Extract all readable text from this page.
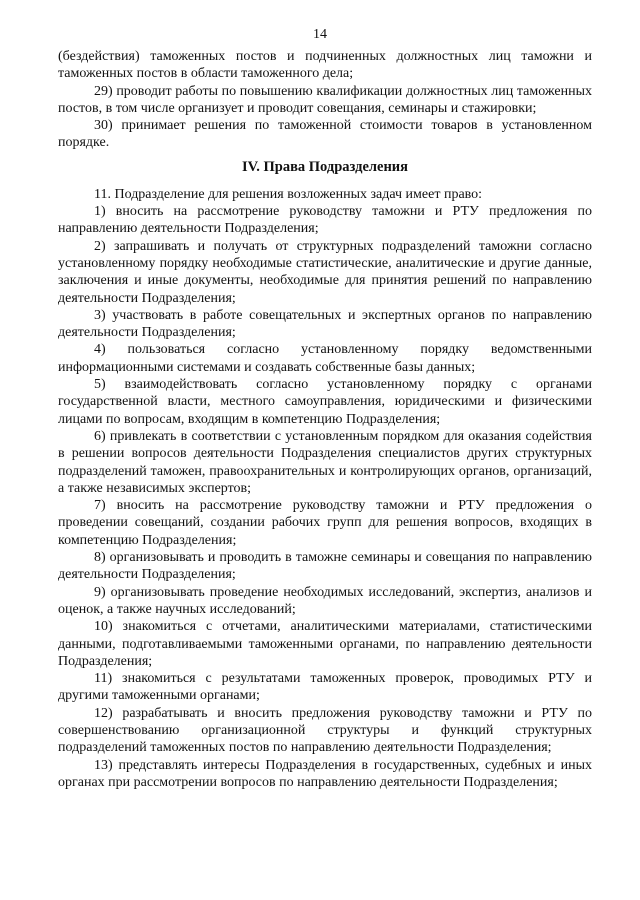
14

(бездействия) таможенных постов и подчиненных должностных лиц таможни и таможенных постов в области таможенного дела;

29) проводит работы по повышению квалификации должностных лиц таможенных постов, в том числе организует и проводит совещания, семинары и стажировки;

30) принимает решения по таможенной стоимости товаров в установленном порядке.

IV. Права Подразделения

11. Подразделение для решения возложенных задач имеет право:

1) вносить на рассмотрение руководству таможни и РТУ предложения по направлению деятельности Подразделения;

2) запрашивать и получать от структурных подразделений таможни согласно установленному порядку необходимые статистические, аналитические и другие данные, заключения и иные документы, необходимые для принятия решений по направлению деятельности Подразделения;

3) участвовать в работе совещательных и экспертных органов по направлению деятельности Подразделения;

4) пользоваться согласно установленному порядку ведомственными информационными системами и создавать собственные базы данных;

5) взаимодействовать согласно установленному порядку с органами государственной власти, местного самоуправления, юридическими и физическими лицами по вопросам, входящим в компетенцию Подразделения;

6) привлекать в соответствии с установленным порядком для оказания содействия в решении вопросов деятельности Подразделения специалистов других структурных подразделений таможен, правоохранительных и контролирующих органов, организаций, а также независимых экспертов;

7) вносить на рассмотрение руководству таможни и РТУ предложения о проведении совещаний, создании рабочих групп для решения вопросов, входящих в компетенцию Подразделения;

8) организовывать и проводить в таможне семинары и совещания по направлению деятельности Подразделения;

9) организовывать проведение необходимых исследований, экспертиз, анализов и оценок, а также научных исследований;

10) знакомиться с отчетами, аналитическими материалами, статистическими данными, подготавливаемыми таможенными органами, по направлению деятельности Подразделения;

11) знакомиться с результатами таможенных проверок, проводимых РТУ и другими таможенными органами;

12) разрабатывать и вносить предложения руководству таможни и РТУ по совершенствованию организационной структуры и функций структурных подразделений таможенных постов по направлению деятельности Подразделения;

13) представлять интересы Подразделения в государственных, судебных и иных органах при рассмотрении вопросов по направлению деятельности Подразделения;
